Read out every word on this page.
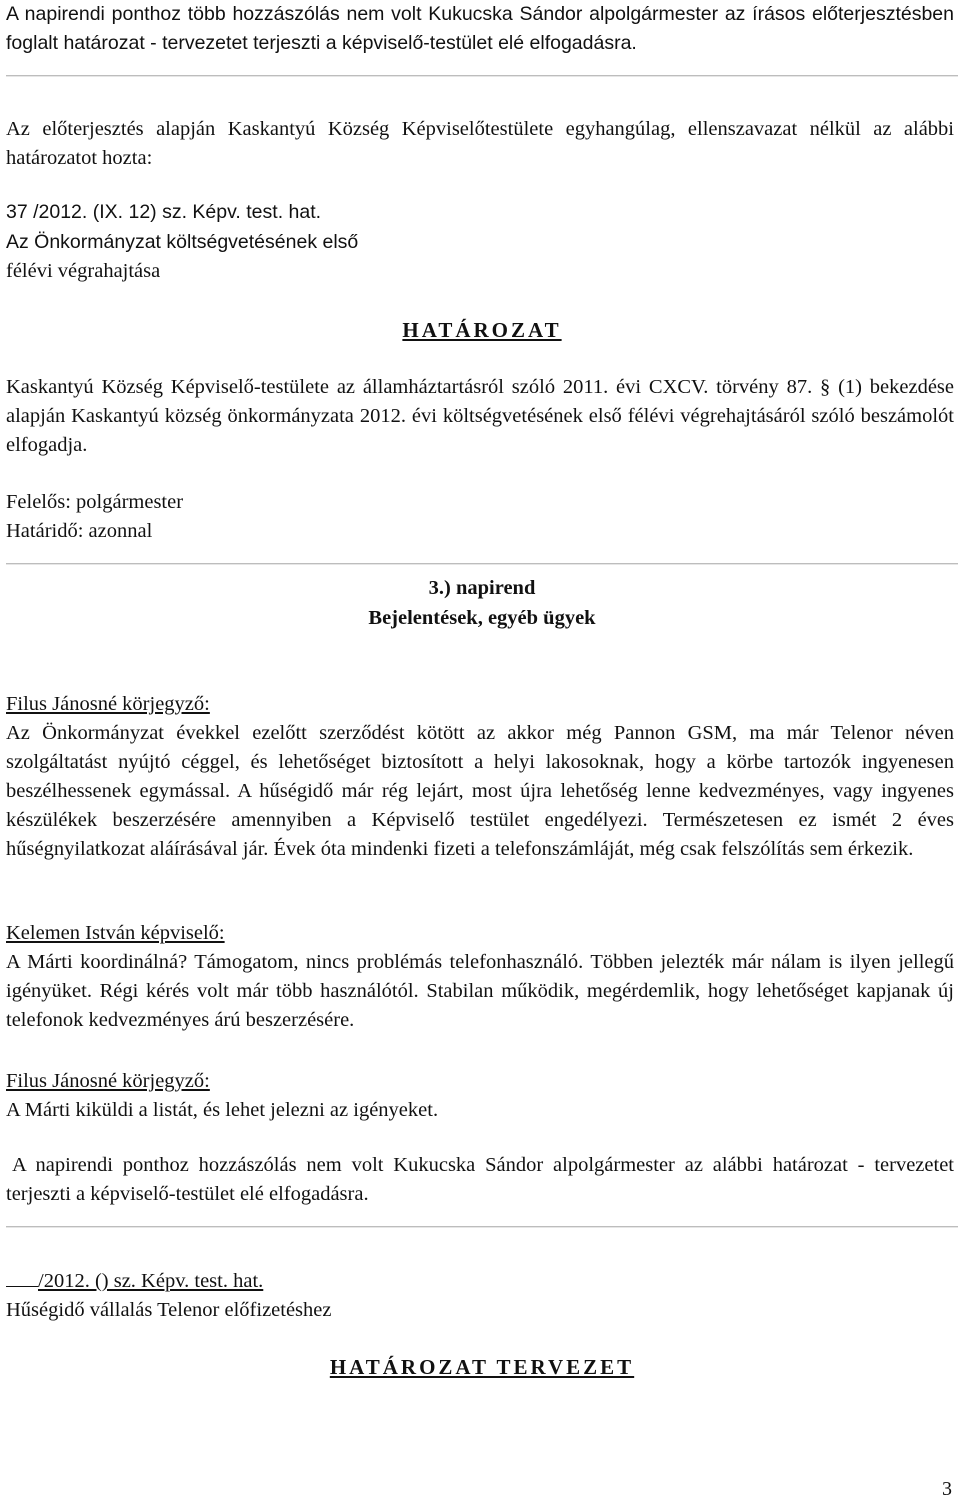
A napirendi ponthoz több hozzászólás nem volt Kukucska Sándor alpolgármester az írásos előterjesztésben foglalt határozat - tervezetet terjeszti a képviselő-testület elé elfogadásra.

Az előterjesztés alapján Kaskantyú Község Képviselőtestülete egyhangúlag, ellenszavazat nélkül az alábbi határozatot hozta:

37 /2012. (IX. 12) sz. Képv. test. hat.

Az Önkormányzat költségvetésének első

félévi végrahajtása

HATÁROZAT

Kaskantyú Község Képviselő-testülete az államháztartásról szóló 2011. évi CXCV. törvény 87. § (1) bekezdése alapján Kaskantyú község önkormányzata 2012. évi költségvetésének első félévi végrehajtásáról szóló beszámolót elfogadja.

Felelős: polgármester

Határidő: azonnal

3.) napirend

Bejelentések, egyéb ügyek

Filus Jánosné körjegyző:

Az Önkormányzat évekkel ezelőtt szerződést kötött az akkor még Pannon GSM, ma már Telenor néven szolgáltatást nyújtó céggel, és lehetőséget biztosított a helyi lakosoknak, hogy a körbe tartozók ingyenesen beszélhessenek egymással. A hűségidő már rég lejárt, most újra lehetőség lenne kedvezményes, vagy ingyenes készülékek beszerzésére amennyiben a Képviselő testület engedélyezi. Természetesen ez ismét 2 éves hűségnyilatkozat aláírásával jár. Évek óta mindenki fizeti a telefonszámláját, még csak felszólítás sem érkezik.

Kelemen István képviselő:

A Márti koordinálná? Támogatom, nincs problémás telefonhasználó. Többen jelezték már nálam is ilyen jellegű igényüket. Régi kérés volt már több használótól. Stabilan működik, megérdemlik, hogy lehetőséget kapjanak új telefonok kedvezményes árú beszerzésére.

Filus Jánosné körjegyző:

A Márti kiküldi a listát, és lehet jelezni az igényeket.

A napirendi ponthoz hozzászólás nem volt Kukucska Sándor alpolgármester az alábbi határozat - tervezetet terjeszti a képviselő-testület elé elfogadásra.

/2012. () sz. Képv. test. hat.

Hűségidő vállalás Telenor előfizetéshez

HATÁROZAT TERVEZET

3
